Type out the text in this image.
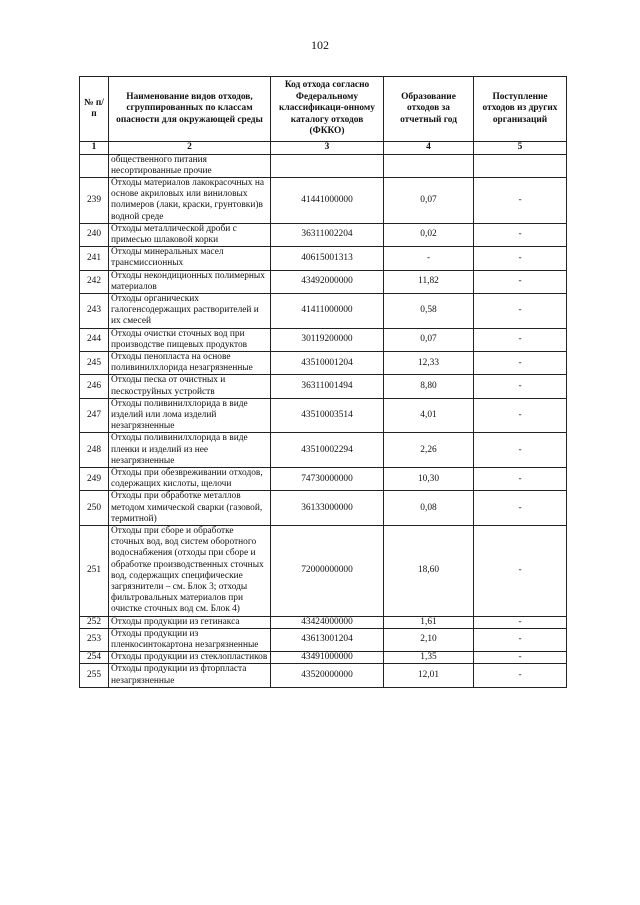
102
№ п/п	Наименование видов отходов, сгруппированных по классам опасности для окружающей среды	Код отхода согласно Федеральному классификаци-онному каталогу отходов (ФККО)	Образование отходов за отчетный год	Поступление отходов из других организаций
1	2	3	4	5
	общественного питания несортированные прочие			
239	Отходы материалов лакокрасочных на основе акриловых или виниловых полимеров (лаки, краски, грунтовки)в водной среде	41441000000	0,07	-
240	Отходы металлической дроби с примесью шлаковой корки	36311002204	0,02	-
241	Отходы минеральных масел трансмиссионных	40615001313	-	-
242	Отходы некондиционных полимерных материалов	43492000000	11,82	-
243	Отходы органических галогенсодержащих растворителей и их смесей	41411000000	0,58	-
244	Отходы очистки сточных вод при производстве пищевых продуктов	30119200000	0,07	-
245	Отходы пенопласта на основе поливинилхлорида незагрязненные	43510001204	12,33	-
246	Отходы песка от очистных и пескоструйных устройств	36311001494	8,80	-
247	Отходы поливинилхлорида в виде изделий или лома изделий незагрязненные	43510003514	4,01	-
248	Отходы поливинилхлорида в виде пленки и изделий из нее незагрязненные	43510002294	2,26	-
249	Отходы при обезвреживании отходов, содержащих кислоты, щелочи	74730000000	10,30	-
250	Отходы при обработке металлов методом химической сварки (газовой, термитной)	36133000000	0,08	-
251	Отходы при сборе и обработке сточных вод, вод систем оборотного водоснабжения (отходы при сборе и обработке производственных сточных вод, содержащих специфические загрязнители – см. Блок 3; отходы фильтровальных материалов при очистке сточных вод см. Блок 4)	72000000000	18,60	-
252	Отходы продукции из гетинакса	43424000000	1,61	-
253	Отходы продукции из пленкосинтокартона незагрязненные	43613001204	2,10	-
254	Отходы продукции из стеклопластиков	43491000000	1,35	-
255	Отходы продукции из фторпласта незагрязненные	43520000000	12,01	-
